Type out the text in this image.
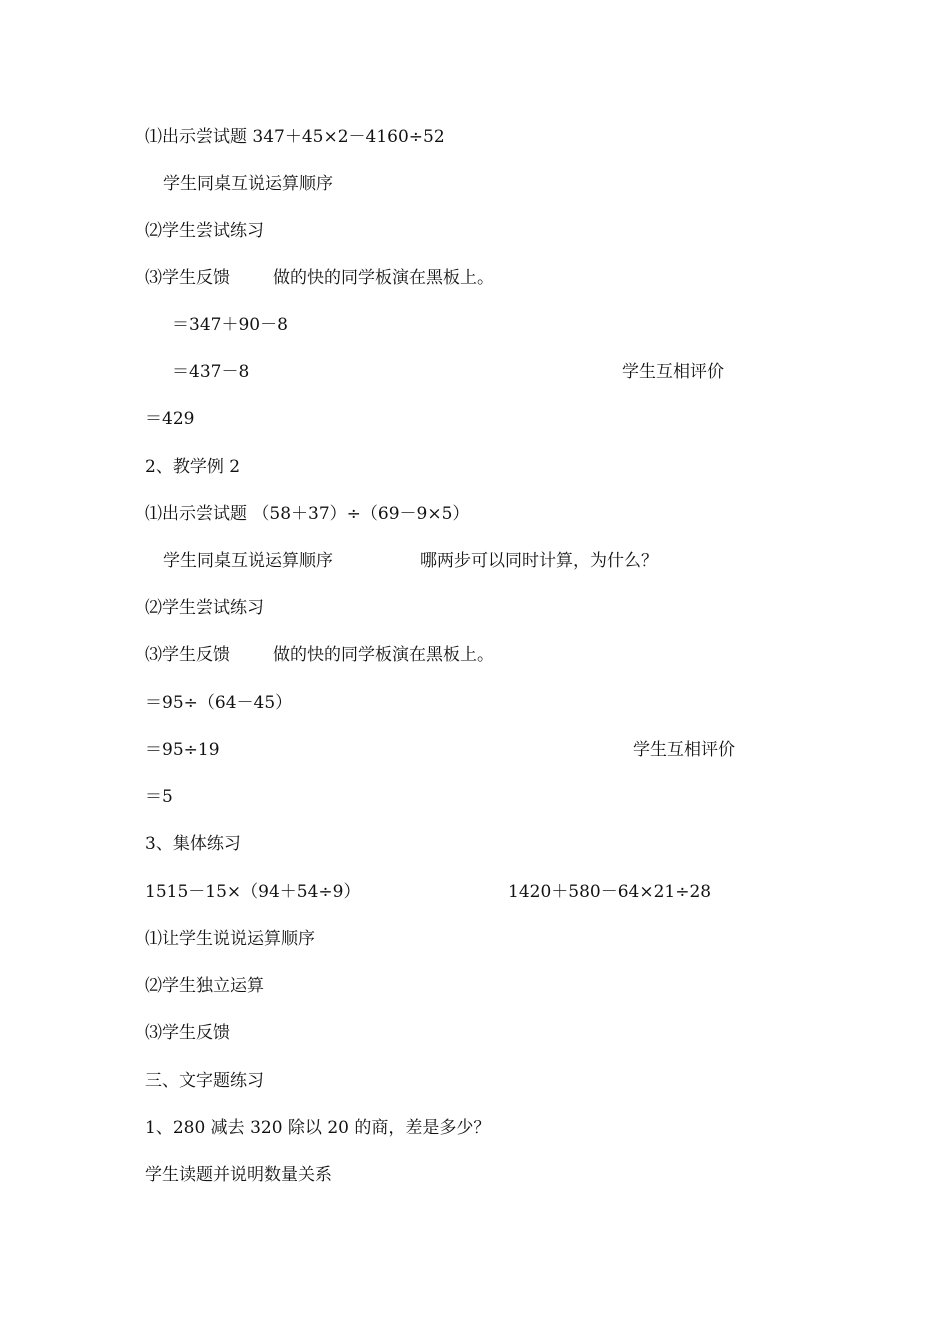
⑴出示尝试题 347＋45×2－4160÷52

学生同桌互说运算顺序

⑵学生尝试练习

⑶学生反馈

	做的快的同学板演在黑板上。

＝347＋90－8

＝437－8

	学生互相评价

＝429

2、教学例 2

⑴出示尝试题 （58＋37）÷（69－9×5）

学生同桌互说运算顺序

	哪两步可以同时计算，为什么？

⑵学生尝试练习

⑶学生反馈

	做的快的同学板演在黑板上。

＝95÷（64－45）

＝95÷19

	学生互相评价

＝5

3、集体练习

1515－15×（94＋54÷9）

	1420＋580－64×21÷28

⑴让学生说说运算顺序

⑵学生独立运算

⑶学生反馈

三、文字题练习

1、280 减去 320 除以 20 的商，差是多少？

学生读题并说明数量关系
